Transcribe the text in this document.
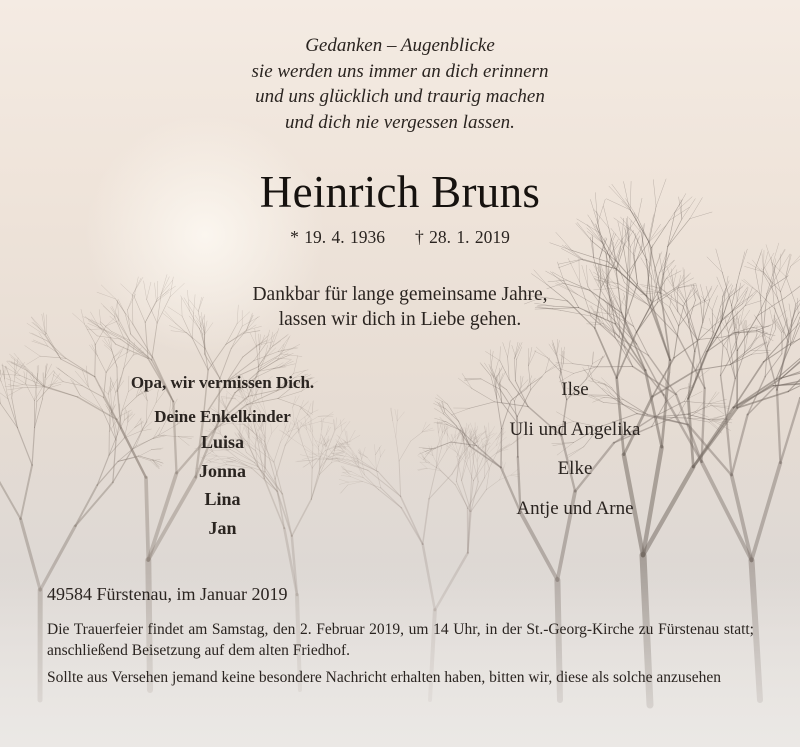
Gedanken – Augenblicke
sie werden uns immer an dich erinnern
und uns glücklich und traurig machen
und dich nie vergessen lassen.
Heinrich Bruns
* 19. 4. 1936 † 28. 1. 2019
Dankbar für lange gemeinsame Jahre,
lassen wir dich in Liebe gehen.
Opa, wir vermissen Dich.
Deine Enkelkinder
Luisa
Jonna
Lina
Jan
Ilse
Uli und Angelika
Elke
Antje und Arne
49584 Fürstenau, im Januar 2019
Die Trauerfeier findet am Samstag, den 2. Februar 2019, um 14 Uhr, in der St.-Georg-Kirche zu Fürstenau statt; anschließend Beisetzung auf dem alten Friedhof.
Sollte aus Versehen jemand keine besondere Nachricht erhalten haben, bitten wir, diese als solche anzusehen
